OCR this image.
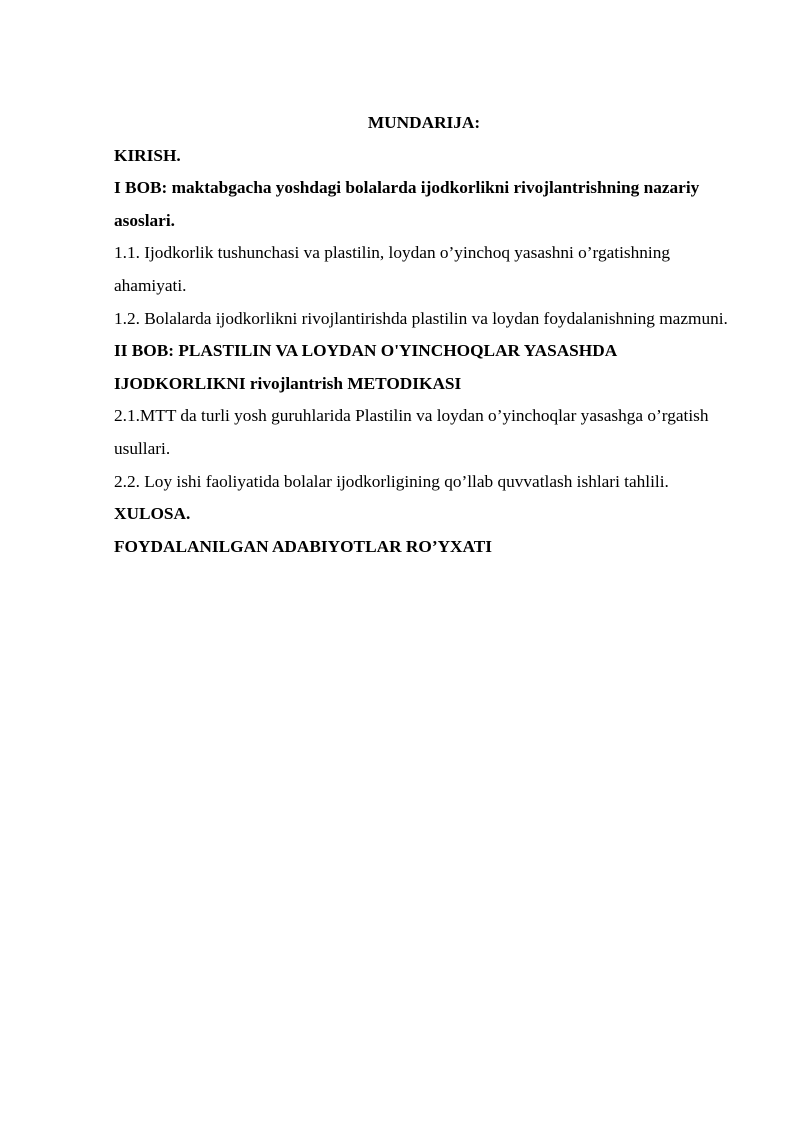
MUNDARIJA:

KIRISH.

I BOB: maktabgacha yoshdagi bolalarda ijodkorlikni rivojlantrishning nazariy asoslari.

1.1. Ijodkorlik tushunchasi va plastilin, loydan o’yinchoq yasashni o’rgatishning ahamiyati.

1.2. Bolalarda ijodkorlikni rivojlantirishda plastilin va loydan foydalanishning mazmuni.

II BOB: PLASTILIN VA LOYDAN O'YINCHOQLAR YASASHDA IJODKORLIKNI rivojlantrish METODIKASI

2.1.MTT da turli yosh guruhlarida Plastilin va loydan o’yinchoqlar yasashga o’rgatish usullari.

2.2. Loy ishi faoliyatida bolalar ijodkorligining qo’llab quvvatlash ishlari tahlili.

XULOSA.

FOYDALANILGAN ADABIYOTLAR RO’YXATI
